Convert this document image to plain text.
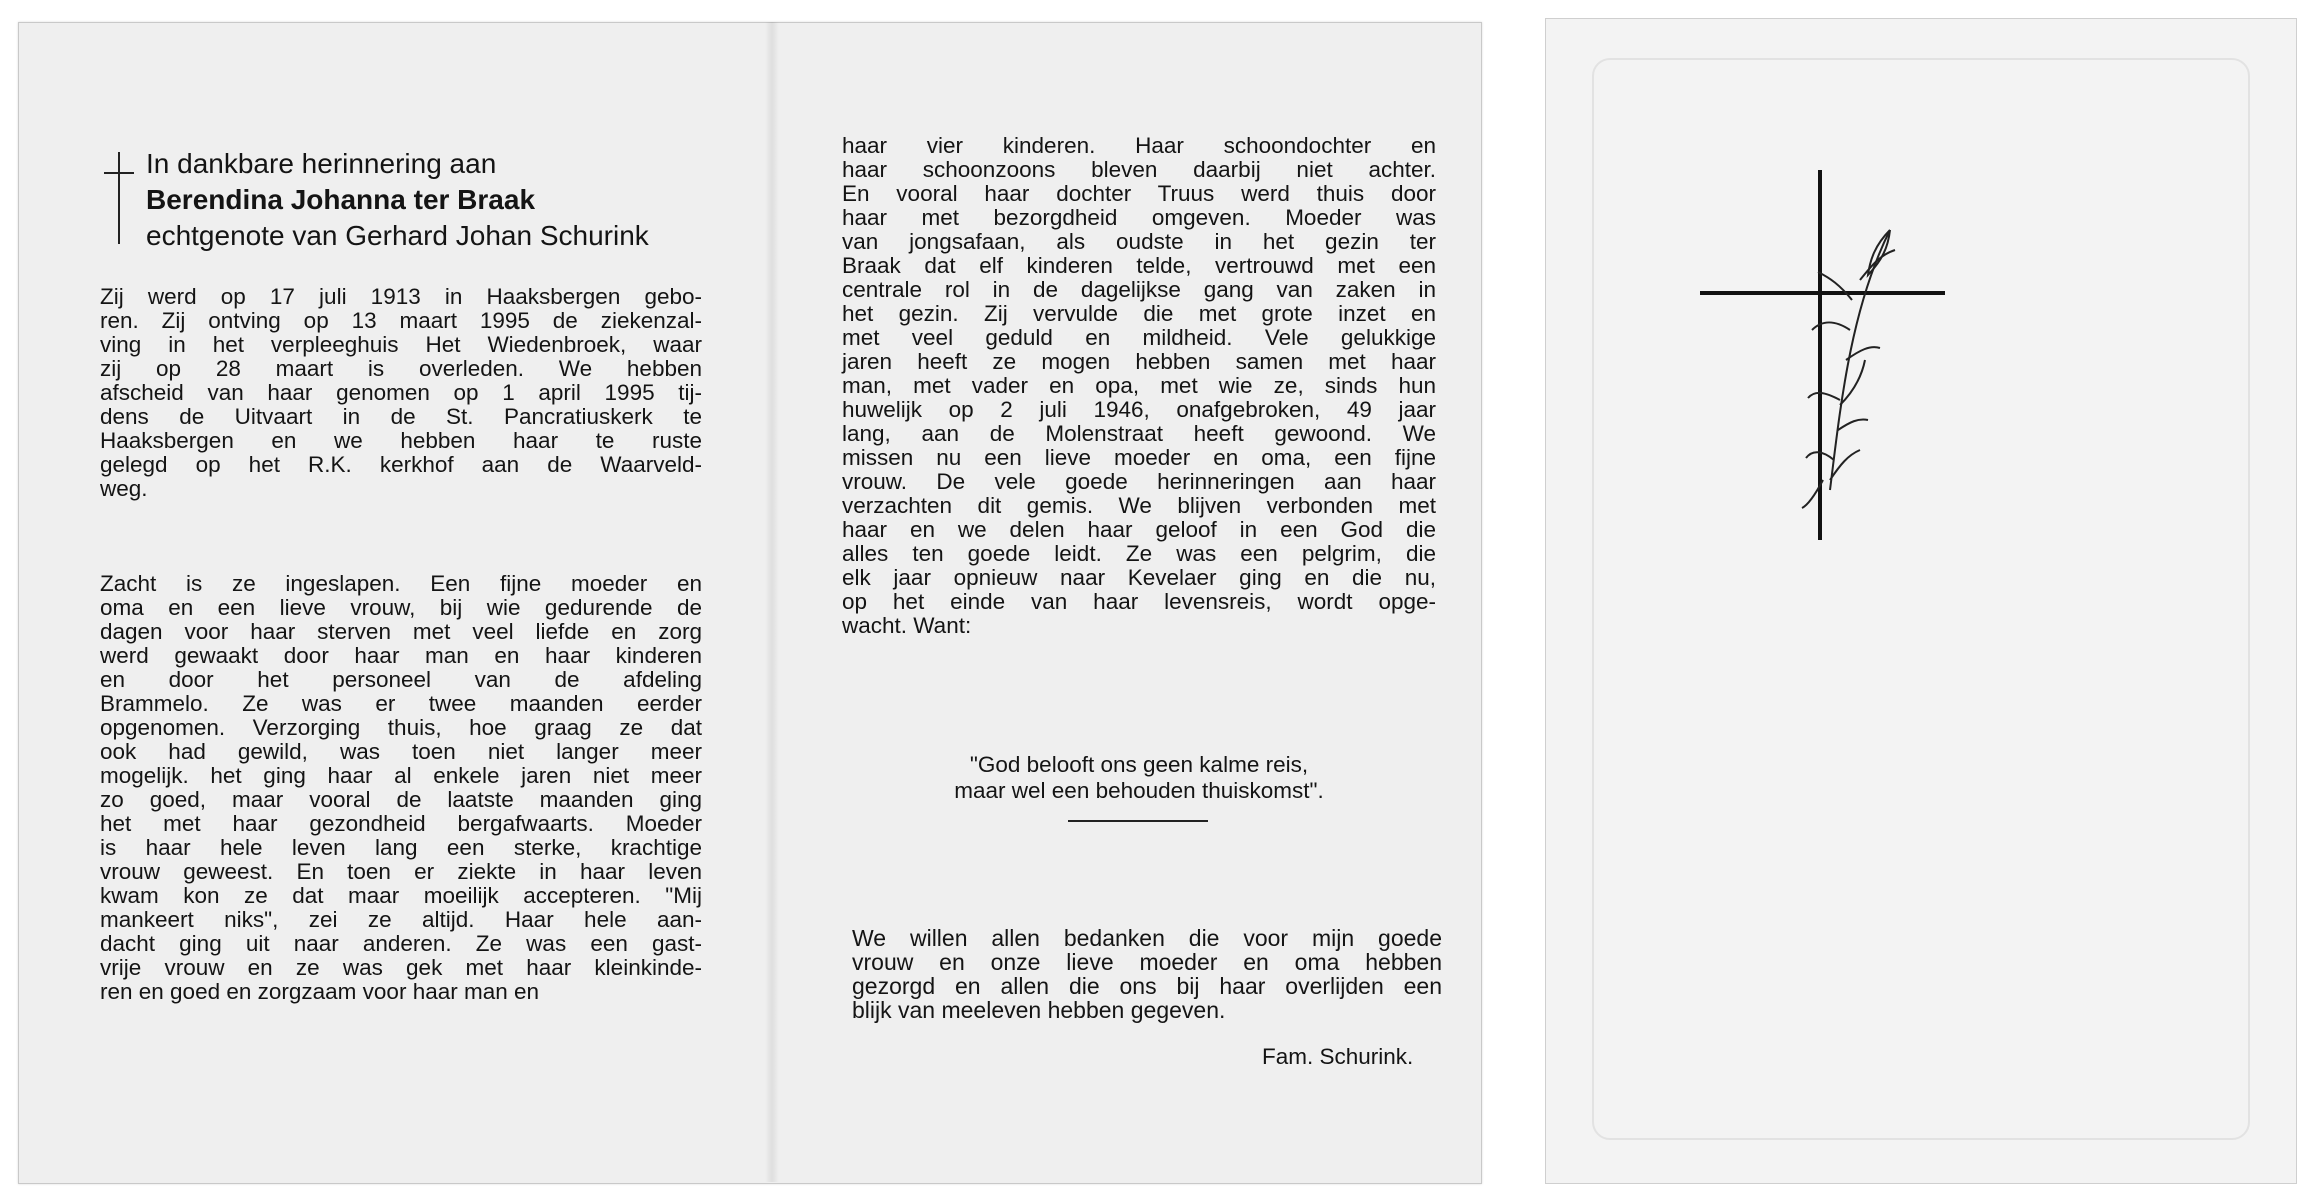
In dankbare herinnering aan
Berendina Johanna ter Braak
echtgenote van Gerhard Johan Schurink
Zij werd op 17 juli 1913 in Haaksbergen gebo-
ren. Zij ontving op 13 maart 1995 de ziekenzal-
ving in het verpleeghuis Het Wiedenbroek, waar
zij op 28 maart is overleden. We hebben
afscheid van haar genomen op 1 april 1995 tij-
dens de Uitvaart in de St. Pancratiuskerk te
Haaksbergen en we hebben haar te ruste
gelegd op het R.K. kerkhof aan de Waarveld-
weg.
Zacht is ze ingeslapen. Een fijne moeder en
oma en een lieve vrouw, bij wie gedurende de
dagen voor haar sterven met veel liefde en zorg
werd gewaakt door haar man en haar kinderen
en door het personeel van de afdeling
Brammelo. Ze was er twee maanden eerder
opgenomen. Verzorging thuis, hoe graag ze dat
ook had gewild, was toen niet langer meer
mogelijk. het ging haar al enkele jaren niet meer
zo goed, maar vooral de laatste maanden ging
het met haar gezondheid bergafwaarts. Moeder
is haar hele leven lang een sterke, krachtige
vrouw geweest. En toen er ziekte in haar leven
kwam kon ze dat maar moeilijk accepteren. "Mij
mankeert niks", zei ze altijd. Haar hele aan-
dacht ging uit naar anderen. Ze was een gast-
vrije vrouw en ze was gek met haar kleinkinde-
ren en goed en zorgzaam voor haar man en
haar vier kinderen. Haar schoondochter en
haar schoonzoons bleven daarbij niet achter.
En vooral haar dochter Truus werd thuis door
haar met bezorgdheid omgeven. Moeder was
van jongsafaan, als oudste in het gezin ter
Braak dat elf kinderen telde, vertrouwd met een
centrale rol in de dagelijkse gang van zaken in
het gezin. Zij vervulde die met grote inzet en
met veel geduld en mildheid. Vele gelukkige
jaren heeft ze mogen hebben samen met haar
man, met vader en opa, met wie ze, sinds hun
huwelijk op 2 juli 1946, onafgebroken, 49 jaar
lang, aan de Molenstraat heeft gewoond. We
missen nu een lieve moeder en oma, een fijne
vrouw. De vele goede herinneringen aan haar
verzachten dit gemis. We blijven verbonden met
haar en we delen haar geloof in een God die
alles ten goede leidt. Ze was een pelgrim, die
elk jaar opnieuw naar Kevelaer ging en die nu,
op het einde van haar levensreis, wordt opge-
wacht. Want:
"God belooft ons geen kalme reis,
maar wel een behouden thuiskomst".
We willen allen bedanken die voor mijn goede
vrouw en onze lieve moeder en oma hebben
gezorgd en allen die ons bij haar overlijden een
blijk van meeleven hebben gegeven.
Fam. Schurink.
